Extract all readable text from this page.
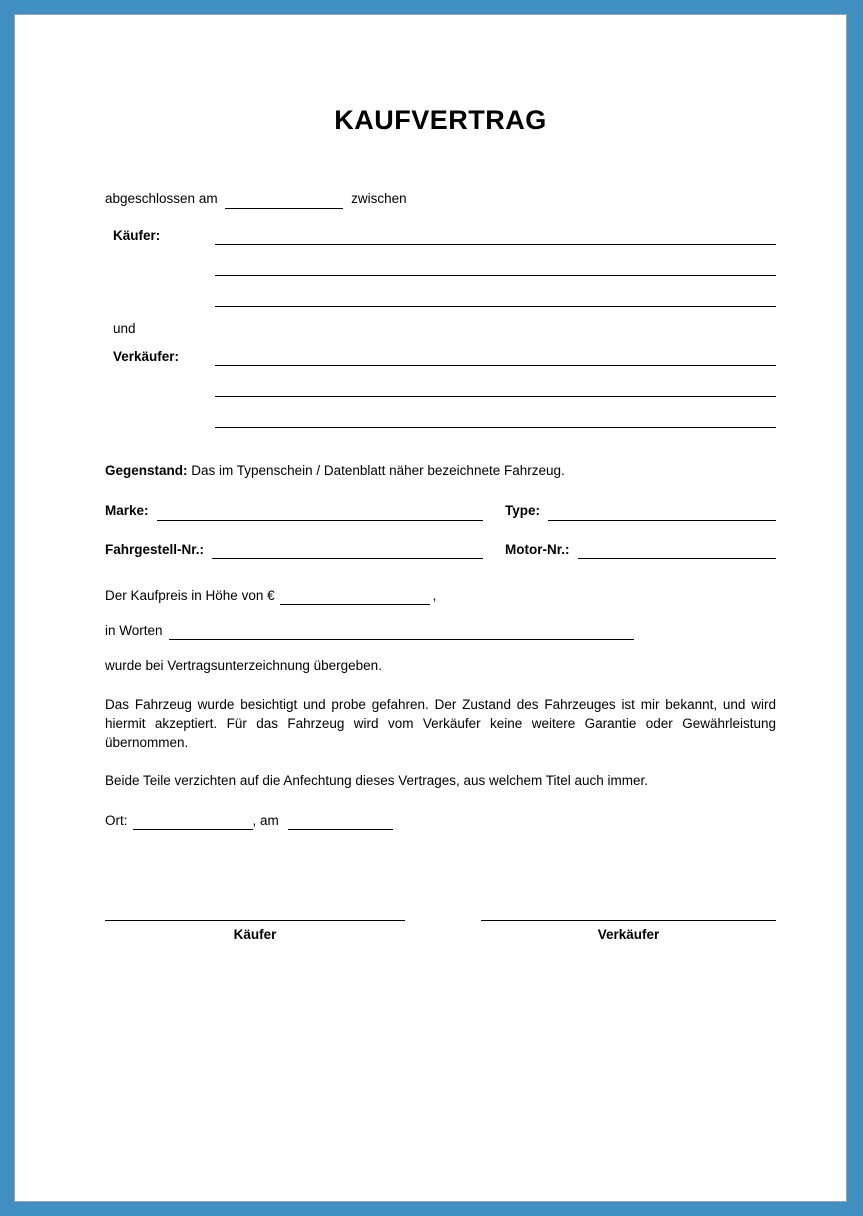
KAUFVERTRAG
abgeschlossen am	zwischen
Käufer:
und
Verkäufer:
Gegenstand: Das im Typenschein / Datenblatt näher bezeichnete Fahrzeug.
Marke:	Type:
Fahrgestell-Nr.:	Motor-Nr.:
Der Kaufpreis in Höhe von €	,
in Worten
wurde bei Vertragsunterzeichnung übergeben.
Das Fahrzeug wurde besichtigt und probe gefahren. Der Zustand des Fahrzeuges ist mir bekannt, und wird hiermit akzeptiert. Für das Fahrzeug wird vom Verkäufer keine weitere Garantie oder Gewährleistung übernommen.
Beide Teile verzichten auf die Anfechtung dieses Vertrages, aus welchem Titel auch immer.
Ort:	, am
Käufer	Verkäufer
